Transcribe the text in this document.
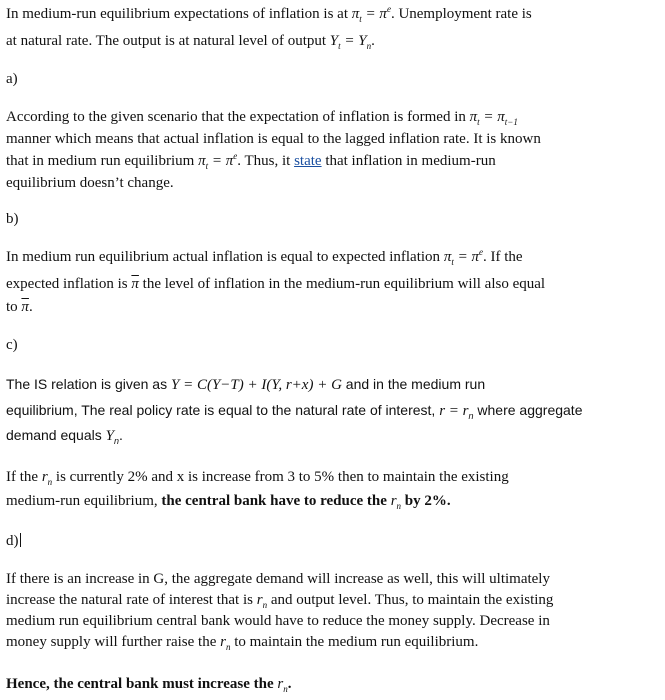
In medium-run equilibrium expectations of inflation is at $\pi_t = \pi^e$. Unemployment rate is
at natural rate. The output is at natural level of output $Y_t = Y_n$.
a)
According to the given scenario that the expectation of inflation is formed in $\pi_t = \pi_{t-1}$
manner which means that actual inflation is equal to the lagged inflation rate. It is known
that in medium run equilibrium $\pi_t = \pi^e$. Thus, it state that inflation in medium-run
equilibrium doesn’t change.
b)
In medium run equilibrium actual inflation is equal to expected inflation $\pi_t = \pi^e$. If the
expected inflation is $\overline{\pi}$ the level of inflation in the medium-run equilibrium will also equal
to $\overline{\pi}$.
c)
The IS relation is given as Y = C(Y−T) + I(Y, r+x) + G and in the medium run
equilibrium, The real policy rate is equal to the natural rate of interest, $r = r_n$ where aggregate
demand equals $Y_n$.
If the $r_n$ is currently 2% and x is increase from 3 to 5% then to maintain the existing
medium-run equilibrium, the central bank have to reduce the $r_n$ by 2%.
d)
If there is an increase in G, the aggregate demand will increase as well, this will ultimately
increase the natural rate of interest that is $r_n$ and output level. Thus, to maintain the existing
medium run equilibrium central bank would have to reduce the money supply. Decrease in
money supply will further raise the $r_n$ to maintain the medium run equilibrium.
Hence, the central bank must increase the $r_n$.
